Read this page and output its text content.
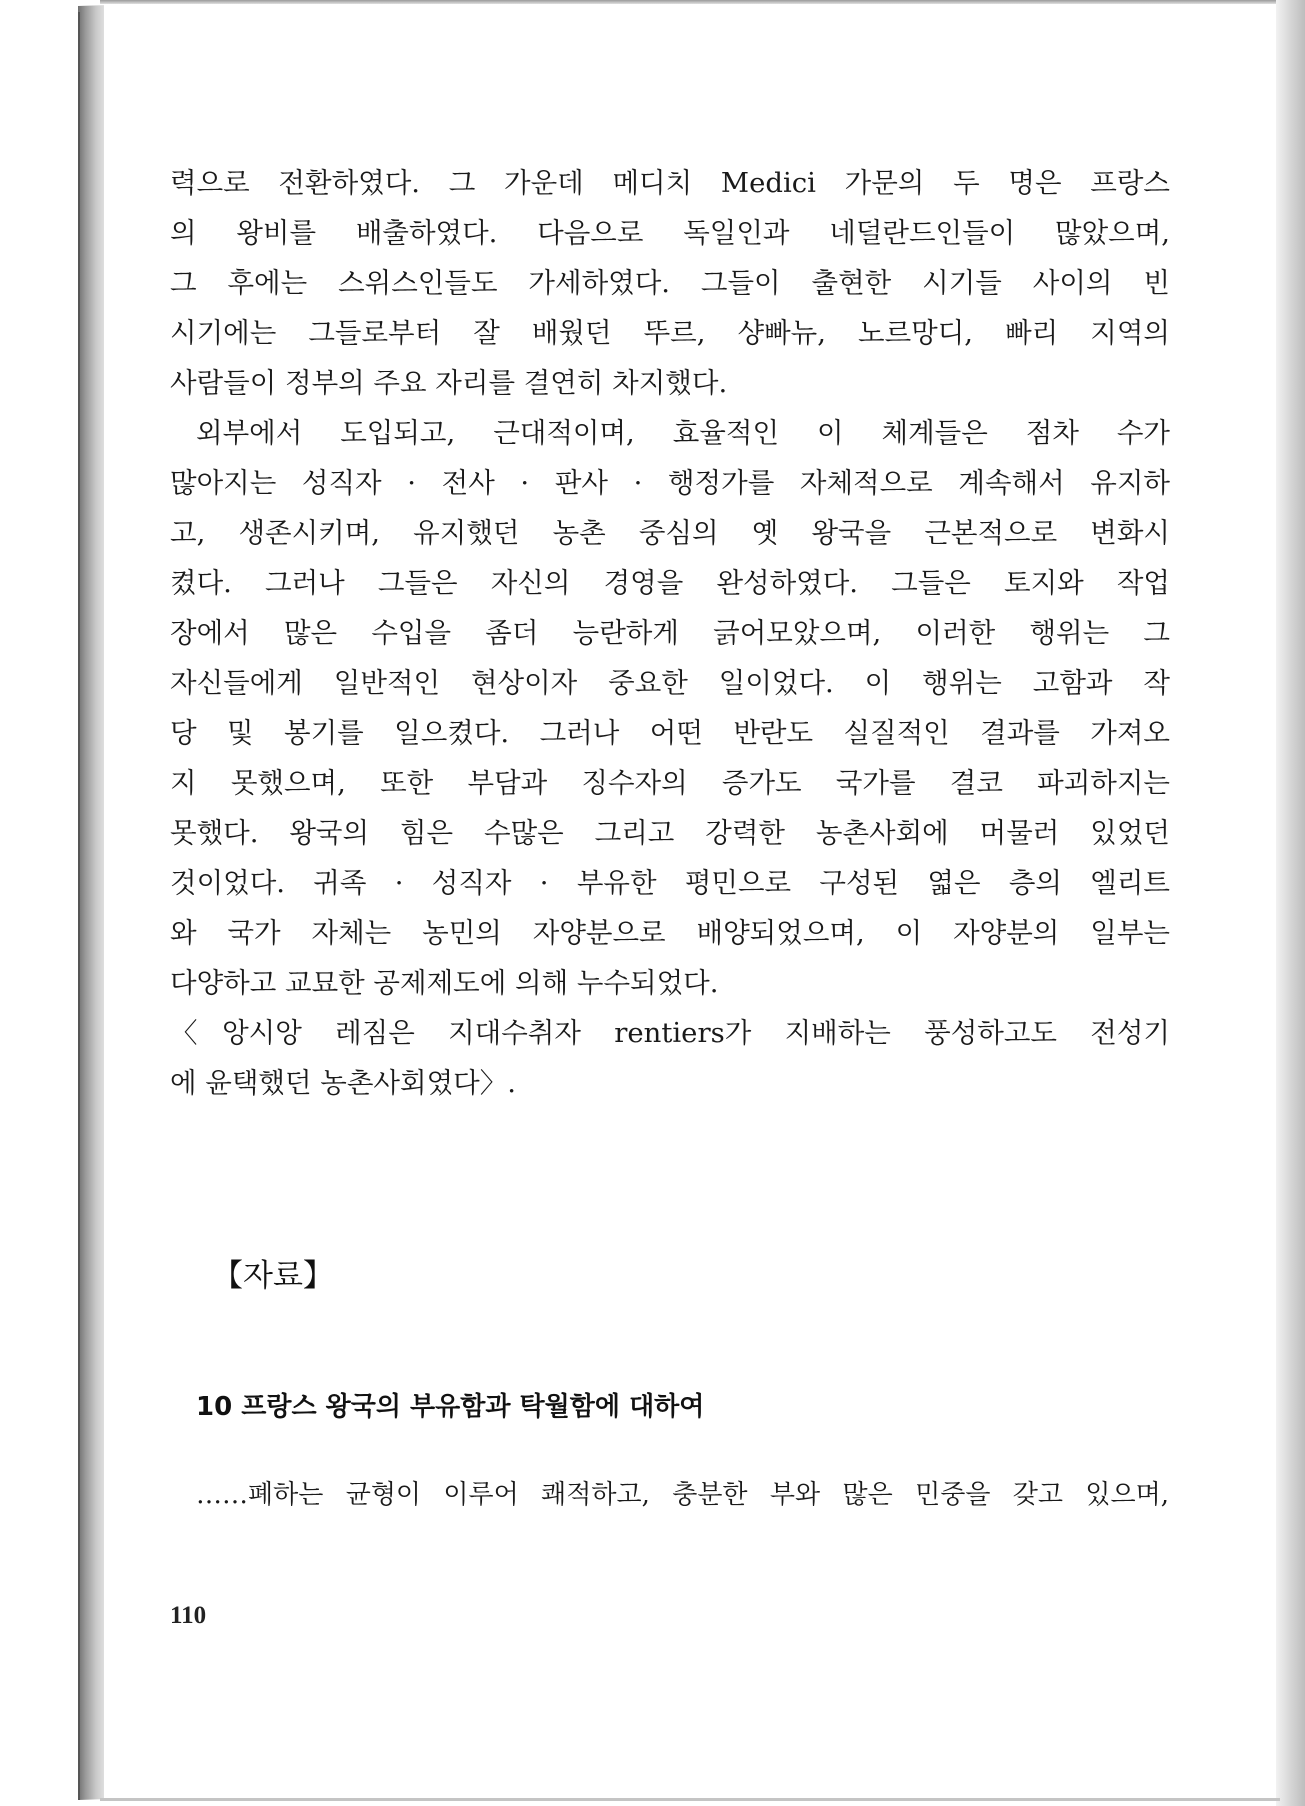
력으로 전환하였다. 그 가운데 메디치 Medici 가문의 두 명은 프랑스
의 왕비를 배출하였다. 다음으로 독일인과 네덜란드인들이 많았으며,
그 후에는 스위스인들도 가세하였다. 그들이 출현한 시기들 사이의 빈
시기에는 그들로부터 잘 배웠던 뚜르, 샹빠뉴, 노르망디, 빠리 지역의
사람들이 정부의 주요 자리를 결연히 차지했다.
외부에서 도입되고, 근대적이며, 효율적인 이 체계들은 점차 수가
많아지는 성직자 · 전사 · 판사 · 행정가를 자체적으로 계속해서 유지하
고, 생존시키며, 유지했던 농촌 중심의 옛 왕국을 근본적으로 변화시
켰다. 그러나 그들은 자신의 경영을 완성하였다. 그들은 토지와 작업
장에서 많은 수입을 좀더 능란하게 긁어모았으며, 이러한 행위는 그
자신들에게 일반적인 현상이자 중요한 일이었다. 이 행위는 고함과 작
당 및 봉기를 일으켰다. 그러나 어떤 반란도 실질적인 결과를 가져오
지 못했으며, 또한 부담과 징수자의 증가도 국가를 결코 파괴하지는
못했다. 왕국의 힘은 수많은 그리고 강력한 농촌사회에 머물러 있었던
것이었다. 귀족 · 성직자 · 부유한 평민으로 구성된 엷은 층의 엘리트
와 국가 자체는 농민의 자양분으로 배양되었으며, 이 자양분의 일부는
다양하고 교묘한 공제제도에 의해 누수되었다.
〈앙시앙 레짐은 지대수취자 rentiers가 지배하는 풍성하고도 전성기
에 윤택했던 농촌사회였다〉.
【자료】
10 프랑스 왕국의 부유함과 탁월함에 대하여
……폐하는 균형이 이루어 쾌적하고, 충분한 부와 많은 민중을 갖고 있으며,
110
